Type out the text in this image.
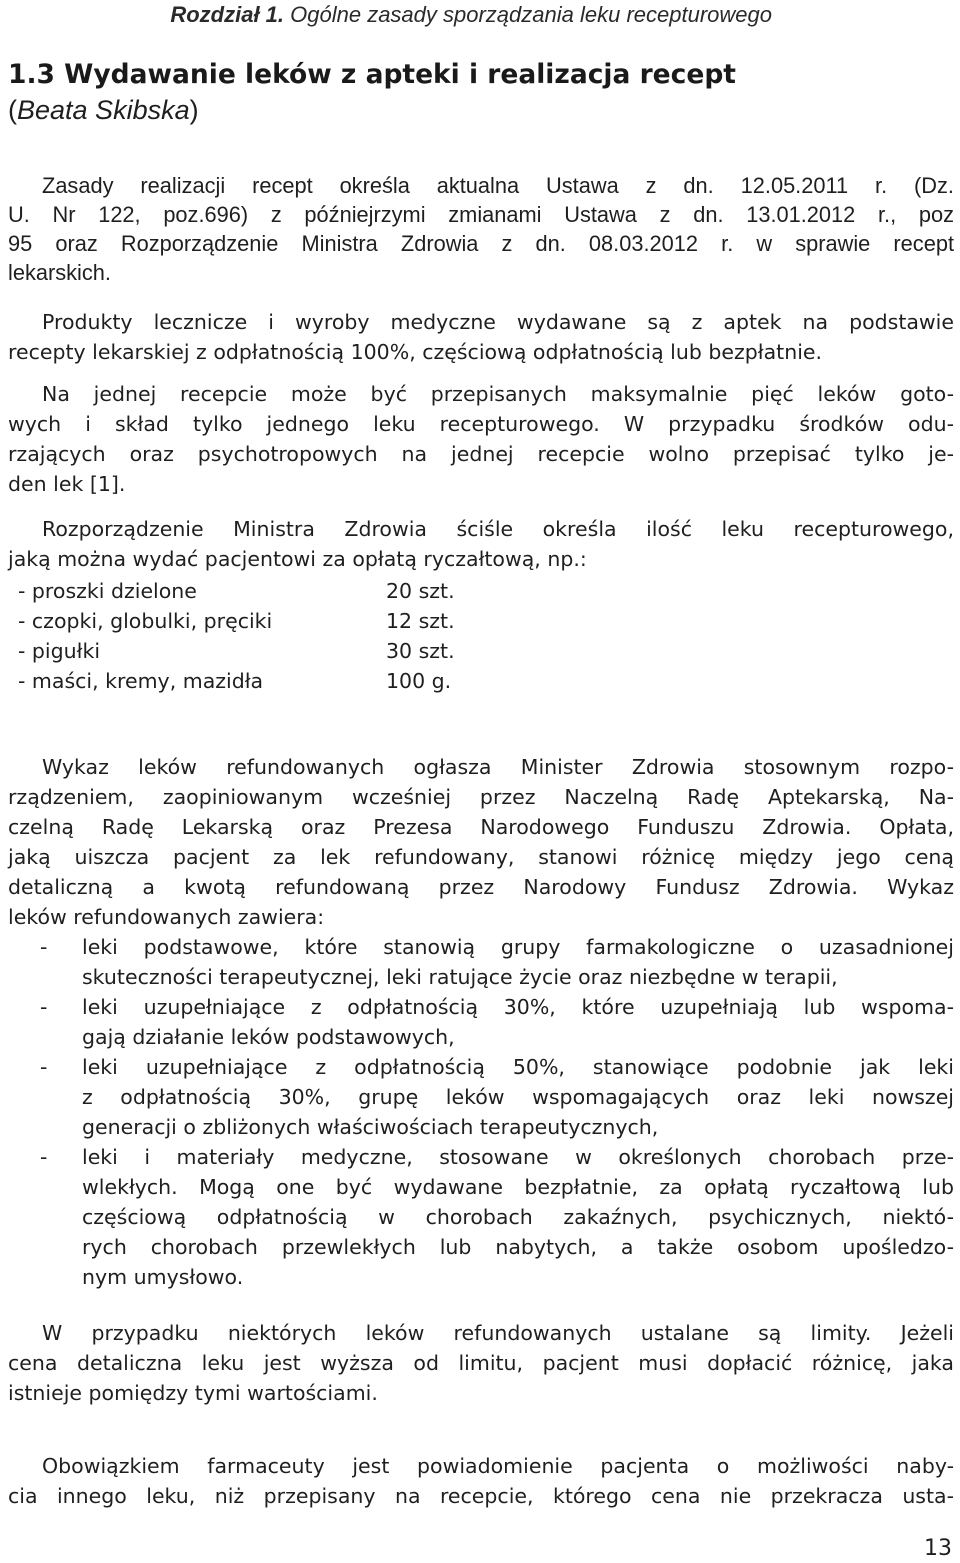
Rozdział 1. Ogólne zasady sporządzania leku recepturowego
1.3 Wydawanie leków z apteki i realizacja recept
(Beata Skibska)
Zasady realizacji recept określa aktualna Ustawa z dn. 12.05.2011 r. (Dz.
U. Nr 122, poz.696) z późniejrzymi zmianami Ustawa z dn. 13.01.2012 r., poz
95 oraz Rozporządzenie Ministra Zdrowia z dn. 08.03.2012 r. w sprawie recept
lekarskich.
Produkty lecznicze i wyroby medyczne wydawane są z aptek na podstawie
recepty lekarskiej z odpłatnością 100%, częściową odpłatnością lub bezpłatnie.
Na jednej recepcie może być przepisanych maksymalnie pięć leków goto-
wych i skład tylko jednego leku recepturowego. W przypadku środków odu-
rzających oraz psychotropowych na jednej recepcie wolno przepisać tylko je-
den lek [1].
Rozporządzenie Ministra Zdrowia ściśle określa ilość leku recepturowego,
jaką można wydać pacjentowi za opłatą ryczałtową, np.:
- proszki dzielone	20 szt.
- czopki, globulki, pręciki	12 szt.
- pigułki	30 szt.
- maści, kremy, mazidła	100 g.
Wykaz leków refundowanych ogłasza Minister Zdrowia stosownym rozpo-
rządzeniem, zaopiniowanym wcześniej przez Naczelną Radę Aptekarską, Na-
czelną Radę Lekarską oraz Prezesa Narodowego Funduszu Zdrowia. Opłata,
jaką uiszcza pacjent za lek refundowany, stanowi różnicę między jego ceną
detaliczną a kwotą refundowaną przez Narodowy Fundusz Zdrowia. Wykaz
leków refundowanych zawiera:
- leki podstawowe, które stanowią grupy farmakologiczne o uzasadnionej
skuteczności terapeutycznej, leki ratujące życie oraz niezbędne w terapii,
- leki uzupełniające z odpłatnością 30%, które uzupełniają lub wspoma-
gają działanie leków podstawowych,
- leki uzupełniające z odpłatnością 50%, stanowiące podobnie jak leki
z odpłatnością 30%, grupę leków wspomagających oraz leki nowszej
generacji o zbliżonych właściwościach terapeutycznych,
- leki i materiały medyczne, stosowane w określonych chorobach prze-
wlekłych. Mogą one być wydawane bezpłatnie, za opłatą ryczałtową lub
częściową odpłatnością w chorobach zakaźnych, psychicznych, niektó-
rych chorobach przewlekłych lub nabytych, a także osobom upośledzo-
nym umysłowo.
W przypadku niektórych leków refundowanych ustalane są limity. Jeżeli
cena detaliczna leku jest wyższa od limitu, pacjent musi dopłacić różnicę, jaka
istnieje pomiędzy tymi wartościami.
Obowiązkiem farmaceuty jest powiadomienie pacjenta o możliwości naby-
cia innego leku, niż przepisany na recepcie, którego cena nie przekracza usta-
13
